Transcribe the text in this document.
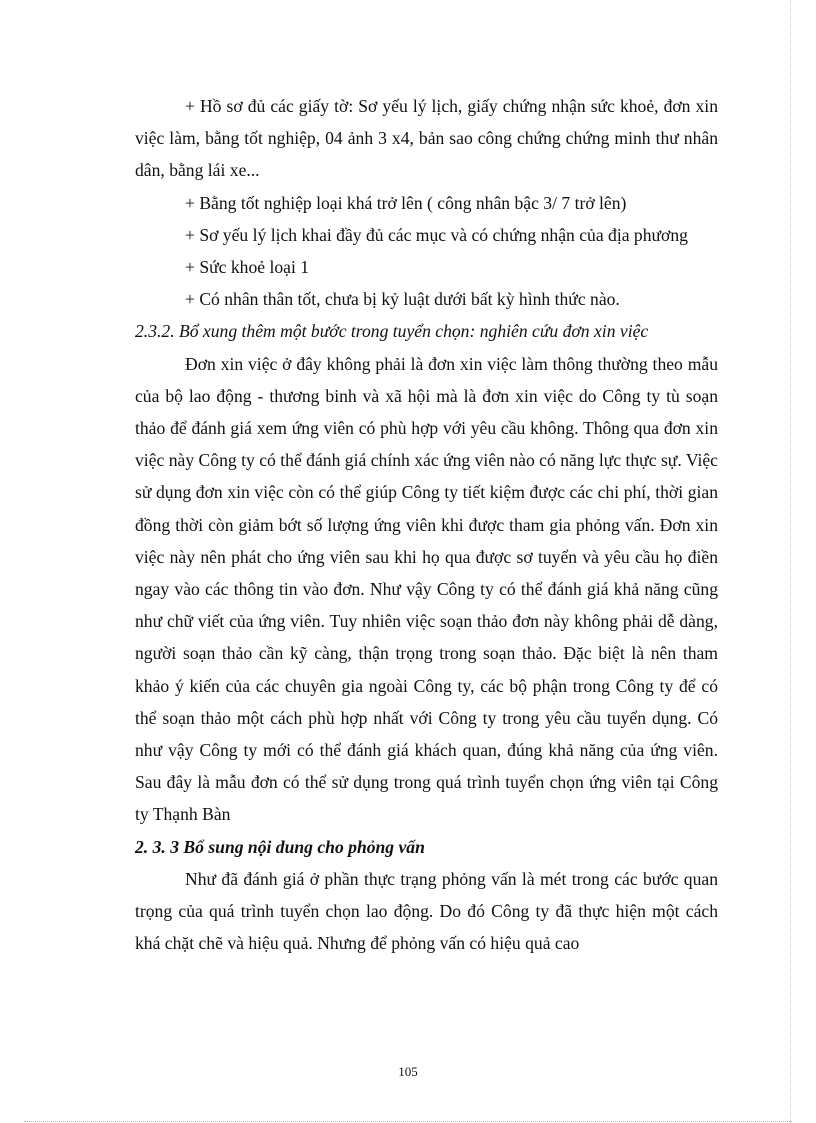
+ Hồ sơ đủ các giấy tờ: Sơ yếu lý lịch, giấy chứng nhận sức khoẻ, đơn xin việc làm, bằng tốt nghiệp, 04 ảnh 3 x4, bản sao công chứng chứng minh thư nhân dân, bằng lái xe...

+ Bằng tốt nghiệp loại khá trở lên ( công nhân bậc 3/ 7 trở lên)

+ Sơ yếu lý lịch khai đầy đủ các mục và có chứng nhận của địa phương

+ Sức khoẻ loại 1

+ Có nhân thân tốt, chưa bị kỷ luật dưới bất kỳ hình thức nào.

2.3.2. Bổ xung thêm một bước trong tuyển chọn: nghiên cứu đơn xin việc

Đơn xin việc ở đây không phải là đơn xin việc làm thông thường theo mẫu của bộ lao động - thương binh và xã hội mà là đơn xin việc do Công ty tù soạn thảo để đánh giá xem ứng viên có phù hợp với yêu cầu không. Thông qua đơn xin việc này Công ty có thể đánh giá chính xác ứng viên nào có năng lực thực sự. Việc sử dụng đơn xin việc còn có thể giúp Công ty tiết kiệm được các chi phí, thời gian đồng thời còn giảm bớt số lượng ứng viên khi được tham gia phỏng vấn. Đơn xin việc này nên phát cho ứng viên sau khi họ qua được sơ tuyển và yêu cầu họ điền ngay vào các thông tin vào đơn. Như vậy Công ty có thể đánh giá khả năng cũng như chữ viết của ứng viên. Tuy nhiên việc soạn thảo đơn này không phải dễ dàng, người soạn thảo cần kỹ càng, thận trọng trong soạn thảo. Đặc biệt là nên tham khảo ý kiến của các chuyên gia ngoài Công ty, các bộ phận trong Công ty để có thể soạn thảo một cách phù hợp nhất với Công ty trong yêu cầu tuyển dụng. Có như vậy Công ty mới có thể đánh giá khách quan, đúng khả năng của ứng viên. Sau đây là mẫu đơn có thể sử dụng trong quá trình tuyển chọn ứng viên tại Công ty Thạnh Bàn

2. 3. 3 Bổ sung nội dung cho phỏng vấn

Như đã đánh giá ở phần thực trạng phỏng vấn là mét trong các bước quan trọng của quá trình tuyển chọn lao động. Do đó Công ty đã thực hiện một cách khá chặt chẽ và hiệu quả. Nhưng để phỏng vấn có hiệu quả cao

105
